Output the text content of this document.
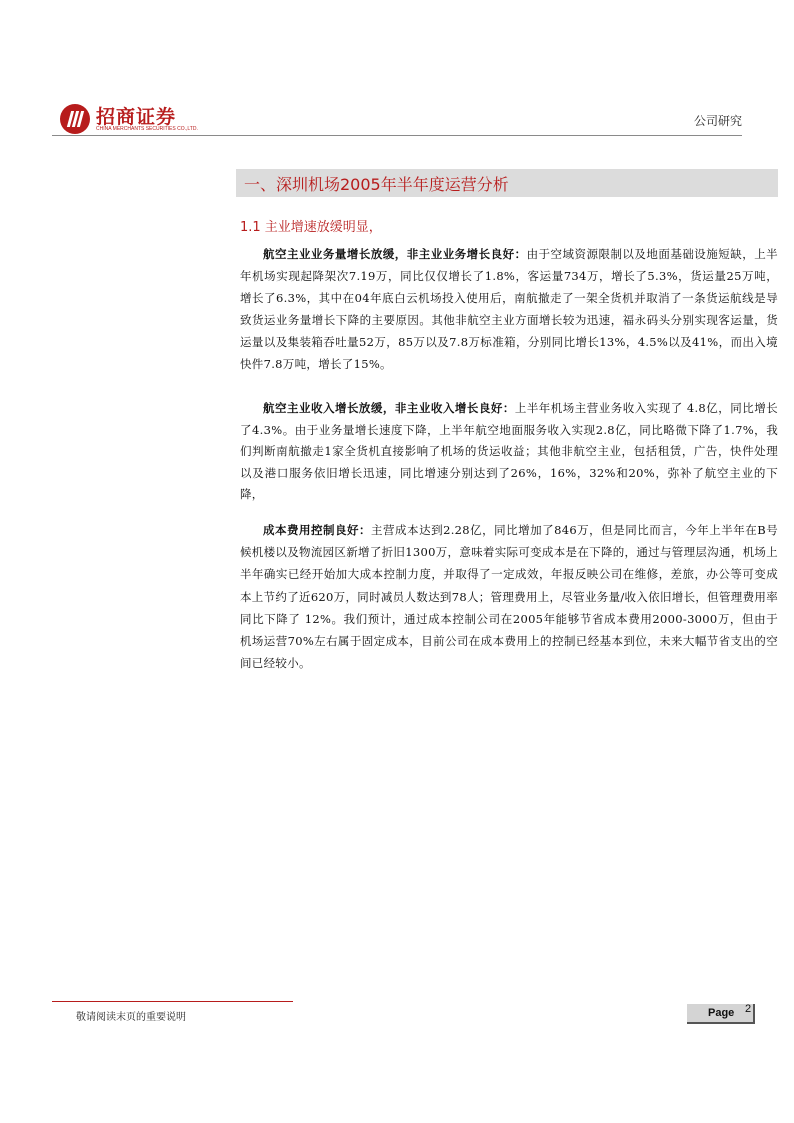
招商证券
CHINA MERCHANTS SECURITIES CO.,LTD.
公司研究
一、深圳机场2005年半年度运营分析
1.1 主业增速放缓明显，

航空主业业务量增长放缓，非主业业务增长良好：由于空域资源限制以及地面基础设施短缺，上半年机场实现起降架次7.19万，同比仅仅增长了1.8%，客运量734万，增长了5.3%，货运量25万吨，增长了6.3%，其中在04年底白云机场投入使用后，南航撤走了一架全货机并取消了一条货运航线是导致货运业务量增长下降的主要原因。其他非航空主业方面增长较为迅速，福永码头分别实现客运量，货运量以及集装箱吞吐量52万，85万以及7.8万标准箱，分别同比增长13%，4.5%以及41%，而出入境快件7.8万吨，增长了15%。

航空主业收入增长放缓，非主业收入增长良好：上半年机场主营业务收入实现了 4.8亿，同比增长了4.3%。由于业务量增长速度下降，上半年航空地面服务收入实现2.8亿，同比略微下降了1.7%，我们判断南航撤走1家全货机直接影响了机场的货运收益；其他非航空主业，包括租赁，广告，快件处理以及港口服务依旧增长迅速，同比增速分别达到了26%，16%，32%和20%，弥补了航空主业的下降，

成本费用控制良好：主营成本达到2.28亿，同比增加了846万，但是同比而言，今年上半年在B号候机楼以及物流园区新增了折旧1300万，意味着实际可变成本是在下降的，通过与管理层沟通，机场上半年确实已经开始加大成本控制力度，并取得了一定成效，年报反映公司在维修，差旅，办公等可变成本上节约了近620万，同时减员人数达到78人；管理费用上，尽管业务量/收入依旧增长，但管理费用率同比下降了 12%。我们预计，通过成本控制公司在2005年能够节省成本费用2000-3000万，但由于机场运营70%左右属于固定成本，目前公司在成本费用上的控制已经基本到位，未来大幅节省支出的空间已经较小。

敬请阅读末页的重要说明	Page 2
